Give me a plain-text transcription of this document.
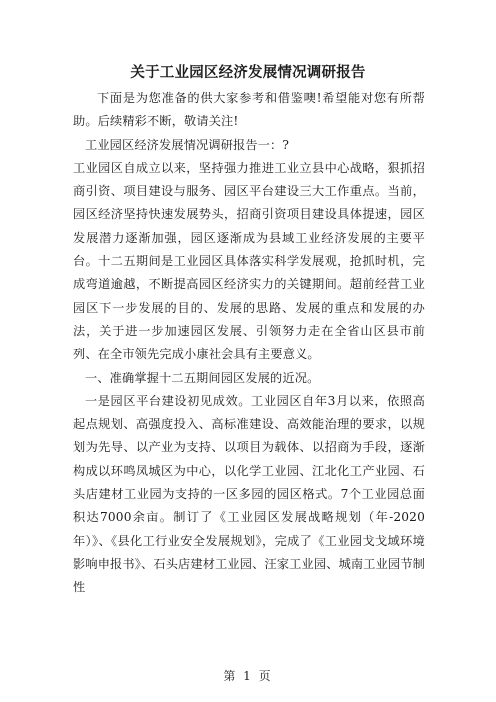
关于工业园区经济发展情况调研报告

下面是为您准备的供大家参考和借鉴噢!希望能对您有所帮助。后续精彩不断，敬请关注!

工业园区经济发展情况调研报告一：?

工业园区自成立以来，坚持强力推进工业立县中心战略，狠抓招商引资、项目建设与服务、园区平台建设三大工作重点。当前，园区经济坚持快速发展势头，招商引资项目建设具体提速，园区发展潜力逐渐加强，园区逐渐成为县域工业经济发展的主要平台。十二五期间是工业园区具体落实科学发展观，抢抓时机，完成弯道逾越，不断提高园区经济实力的关键期间。超前经营工业园区下一步发展的目的、发展的思路、发展的重点和发展的办法，关于进一步加速园区发展、引领努力走在全省山区县市前列、在全市领先完成小康社会具有主要意义。

一、准确掌握十二五期间园区发展的近况。

一是园区平台建设初见成效。工业园区自年3月以来，依照高起点规划、高强度投入、高标准建设、高效能治理的要求，以规划为先导、以产业为支持、以项目为载体、以招商为手段，逐渐构成以环鸣凤城区为中心，以化学工业园、江北化工产业园、石头店建材工业园为支持的一区多园的园区格式。7个工业园总面积达7000余亩。制订了《工业园区发展战略规划（年-2020年）》、《县化工行业安全发展规划》，完成了《工业园戈戈域环境影响申报书》、石头店建材工业园、汪家工业园、城南工业园节制性

第 1 页
